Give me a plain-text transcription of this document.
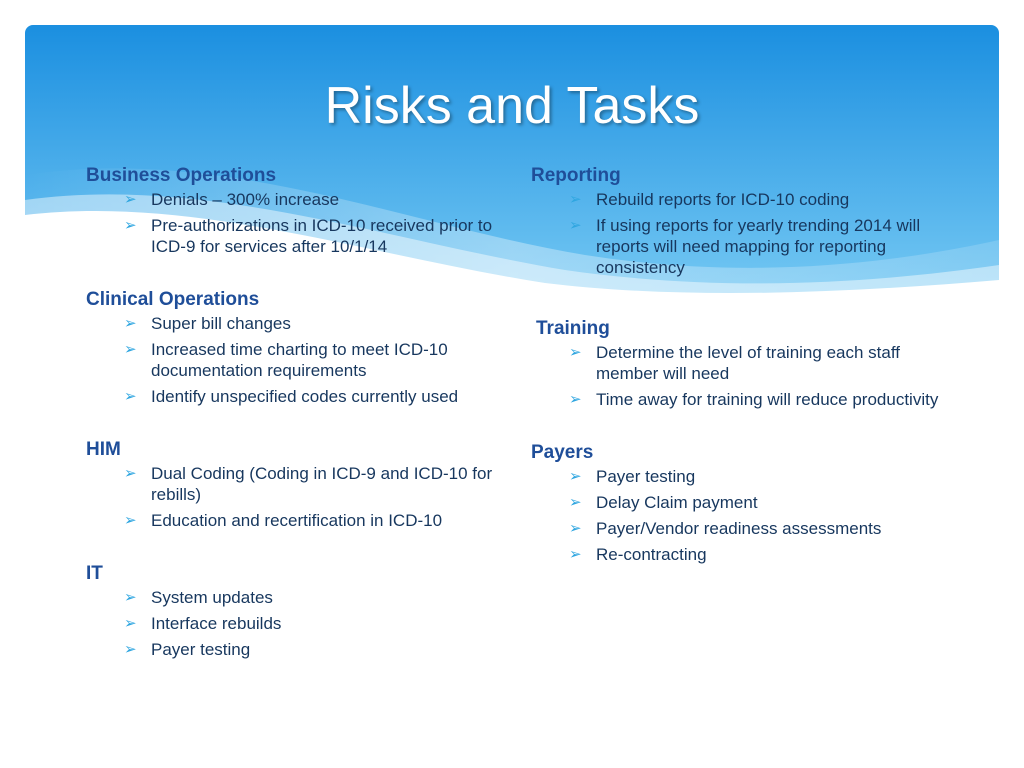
Risks and Tasks

Business Operations

➢ Denials – 300% increase
➢ Pre-authorizations in ICD-10 received prior to ICD-9 for services after 10/1/14

Clinical Operations

➢ Super bill changes
➢ Increased time charting to meet ICD-10 documentation requirements
➢ Identify unspecified codes currently used

HIM

➢ Dual Coding (Coding in ICD-9 and ICD-10 for rebills)
➢ Education and recertification in ICD-10

IT

➢ System updates
➢ Interface rebuilds
➢ Payer testing

Reporting

➢ Rebuild reports for ICD-10 coding
➢ If using reports for yearly trending 2014 will reports will need mapping for reporting consistency

Training

➢ Determine the level of training each staff member will need
➢ Time away for training will reduce productivity

Payers

➢ Payer testing
➢ Delay Claim payment
➢ Payer/Vendor readiness assessments
➢ Re-contracting
